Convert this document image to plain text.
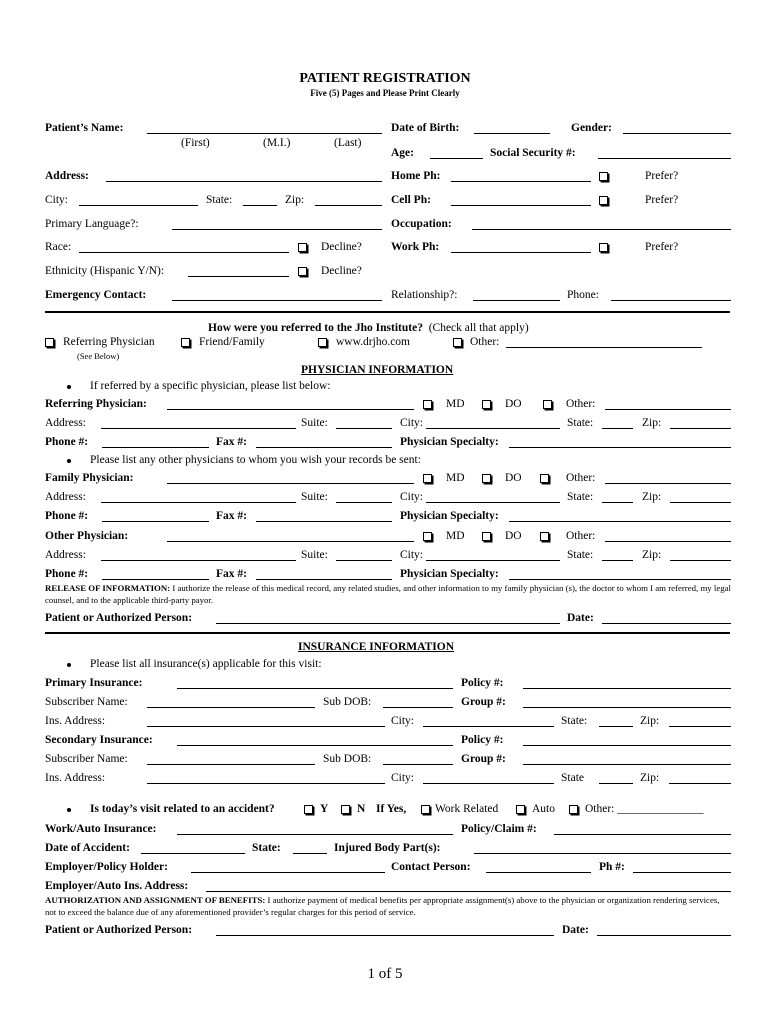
PATIENT REGISTRATION
Five (5) Pages and Please Print Clearly
Patient’s Name:
(First)	(M.I.)	(Last)
Date of Birth:	Gender:
Age:	Social Security #:
Address:	Home Ph:	Prefer?
City:	State:	Zip:	Cell Ph:	Prefer?
Primary Language?:	Occupation:
Race:	Decline?	Work Ph:	Prefer?
Ethnicity (Hispanic Y/N):	Decline?
Emergency Contact:	Relationship?:	Phone:
How were you referred to the Jho Institute? (Check all that apply)
Referring Physician
(See Below)
Friend/Family	www.drjho.com	Other:
PHYSICIAN INFORMATION
If referred by a specific physician, please list below:
Referring Physician:	MD	DO	Other:
Address:	Suite:	City:	State:	Zip:
Phone #:	Fax #:	Physician Specialty:
Please list any other physicians to whom you wish your records be sent:
Family Physician:	MD	DO	Other:
Address:	Suite:	City:	State:	Zip:
Phone #:	Fax #:	Physician Specialty:
Other Physician:	MD	DO	Other:
Address:	Suite:	City:	State:	Zip:
Phone #:	Fax #:	Physician Specialty:
RELEASE OF INFORMATION: I authorize the release of this medical record, any related studies, and other information to my family physician (s), the doctor to whom I am referred, my legal counsel, and to the applicable third-party payor.
Patient or Authorized Person:	Date:
INSURANCE INFORMATION
Please list all insurance(s) applicable for this visit:
Primary Insurance:	Policy #:
Subscriber Name:	Sub DOB:	Group #:
Ins. Address:	City:	State:	Zip:
Secondary Insurance:	Policy #:
Subscriber Name:	Sub DOB:	Group #:
Ins. Address:	City:	State	Zip:
Is today’s visit related to an accident?	Y N If Yes,	Work Related	Auto	Other: _______________
Work/Auto Insurance:	Policy/Claim #:
Date of Accident:	State:	Injured Body Part(s):
Employer/Policy Holder:	Contact Person:	Ph #:
Employer/Auto Ins. Address:
AUTHORIZATION AND ASSIGNMENT OF BENEFITS: I authorize payment of medical benefits per appropriate assignment(s) above to the physician or organization rendering services, not to exceed the balance due of any aforementioned provider’s regular charges for this period of service.
Patient or Authorized Person:	Date:
1 of 5
